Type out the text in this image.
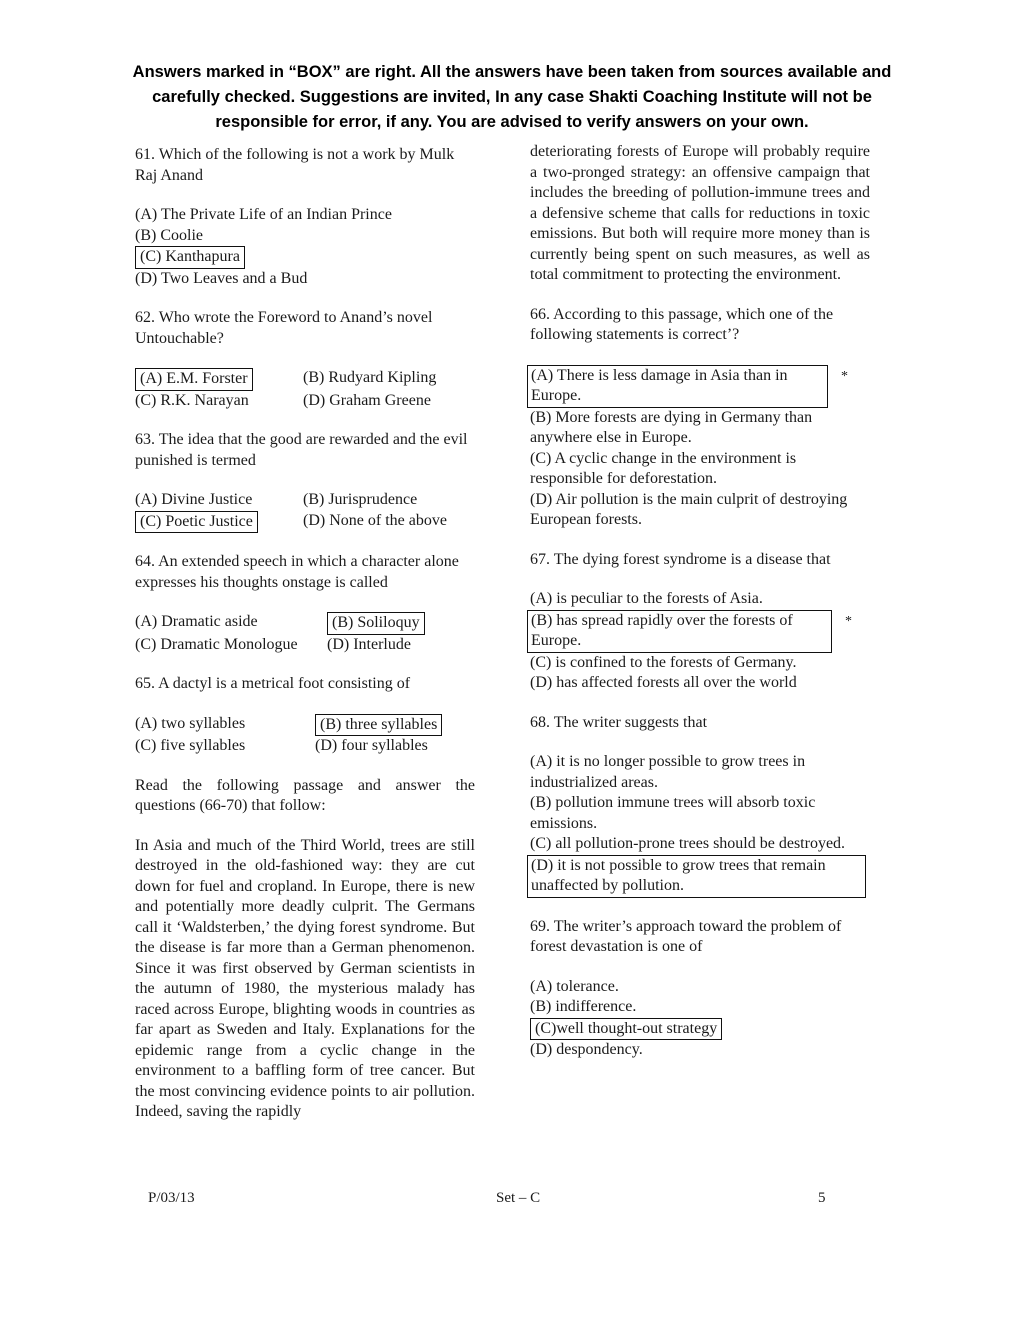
Answers marked in “BOX” are right. All the answers have been taken from sources available and carefully checked. Suggestions are invited, In any case Shakti Coaching Institute will not be responsible for error, if any. You are advised to verify answers on your own.
61. Which of the following is not a work by Mulk Raj Anand
(A) The Private Life of an Indian Prince
(B) Coolie
(C) Kanthapura
(D) Two Leaves and a Bud
62. Who wrote the Foreword to Anand’s novel Untouchable?
(A) E.M. Forster	(B) Rudyard Kipling
(C) R.K. Narayan	(D) Graham Greene
63. The idea that the good are rewarded and the evil punished is termed
(A) Divine Justice	(B) Jurisprudence
(C) Poetic Justice	(D) None of the above
64. An extended speech in which a character alone expresses his thoughts onstage is called
(A) Dramatic aside	(B) Soliloquy
(C) Dramatic Monologue	(D) Interlude
65. A dactyl is a metrical foot consisting of
(A) two syllables	(B) three syllables
(C) five syllables	(D) four syllables

Read the following passage and answer the questions (66-70) that follow:

In Asia and much of the Third World, trees are still destroyed in the old-fashioned way: they are cut down for fuel and cropland. In Europe, there is new and potentially more deadly culprit. The Germans call it ‘Waldsterben,’ the dying forest syndrome. But the disease is far more than a German phenomenon. Since it was first observed by German scientists in the autumn of 1980, the mysterious malady has raced across Europe, blighting woods in countries as far apart as Sweden and Italy. Explanations for the epidemic range from a cyclic change in the environment to a baffling form of tree cancer. But the most convincing evidence points to air pollution. Indeed, saving the rapidly

deteriorating forests of Europe will probably require a two-pronged strategy: an offensive campaign that includes the breeding of pollution-immune trees and a defensive scheme that calls for reductions in toxic emissions. But both will require more money than is currently being spent on such measures, as well as total commitment to protecting the environment.

66. According to this passage, which one of the following statements is correct’?
(A) There is less damage in Asia than in Europe.
*
(B) More forests are dying in Germany than anywhere else in Europe.
(C) A cyclic change in the environment is responsible for deforestation.
(D) Air pollution is the main culprit of destroying European forests.
67. The dying forest syndrome is a disease that
(A) is peculiar to the forests of Asia.
(B) has spread rapidly over the forests of Europe.
*
(C) is confined to the forests of Germany.
(D) has affected forests all over the world
68. The writer suggests that
(A) it is no longer possible to grow trees in industrialized areas.
(B) pollution immune trees will absorb toxic emissions.
(C) all pollution-prone trees should be destroyed.
(D) it is not possible to grow trees that remain unaffected by pollution.
69. The writer’s approach toward the problem of forest devastation is one of
(A) tolerance.
(B) indifference.
(C)well thought-out strategy
(D) despondency.
P/03/13	Set – C	5
